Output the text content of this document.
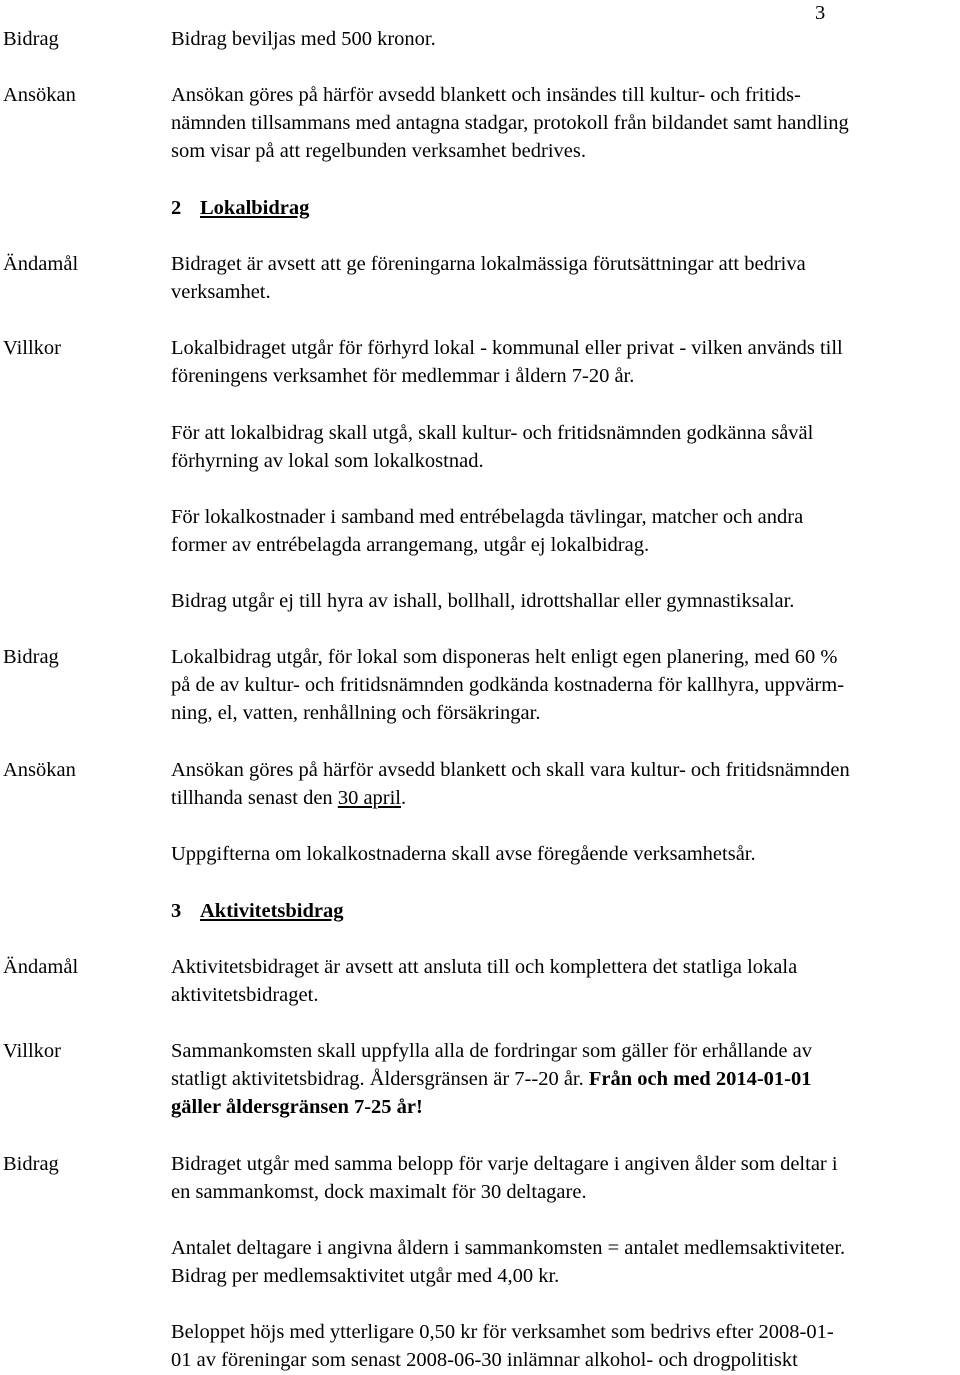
3
Bidrag	Bidrag beviljas med 500 kronor.
Ansökan	Ansökan göres på härför avsedd blankett och insändes till kultur- och fritids-
nämnden tillsammans med antagna stadgar, protokoll från bildandet samt handling
som visar på att regelbunden verksamhet bedrives.
2 Lokalbidrag
Ändamål	Bidraget är avsett att ge föreningarna lokalmässiga förutsättningar att bedriva
verksamhet.
Villkor	Lokalbidraget utgår för förhyrd lokal - kommunal eller privat - vilken används till
föreningens verksamhet för medlemmar i åldern 7-20 år.
För att lokalbidrag skall utgå, skall kultur- och fritidsnämnden godkänna såväl
förhyrning av lokal som lokalkostnad.
För lokalkostnader i samband med entrébelagda tävlingar, matcher och andra
former av entrébelagda arrangemang, utgår ej lokalbidrag.
Bidrag utgår ej till hyra av ishall, bollhall, idrottshallar eller gymnastiksalar.
Bidrag	Lokalbidrag utgår, för lokal som disponeras helt enligt egen planering, med 60 %
på de av kultur- och fritidsnämnden godkända kostnaderna för kallhyra, uppvärm-
ning, el, vatten, renhållning och försäkringar.
Ansökan	Ansökan göres på härför avsedd blankett och skall vara kultur- och fritidsnämnden
tillhanda senast den 30 april.
Uppgifterna om lokalkostnaderna skall avse föregående verksamhetsår.
3 Aktivitetsbidrag
Ändamål	Aktivitetsbidraget är avsett att ansluta till och komplettera det statliga lokala
aktivitetsbidraget.
Villkor	Sammankomsten skall uppfylla alla de fordringar som gäller för erhållande av
statligt aktivitetsbidrag. Åldersgränsen är 7--20 år. Från och med 2014-01-01
gäller åldersgränsen 7-25 år!
Bidrag	Bidraget utgår med samma belopp för varje deltagare i angiven ålder som deltar i
en sammankomst, dock maximalt för 30 deltagare.
Antalet deltagare i angivna åldern i sammankomsten = antalet medlemsaktiviteter.
Bidrag per medlemsaktivitet utgår med 4,00 kr.
Beloppet höjs med ytterligare 0,50 kr för verksamhet som bedrivs efter 2008-01-
01 av föreningar som senast 2008-06-30 inlämnar alkohol- och drogpolitiskt
